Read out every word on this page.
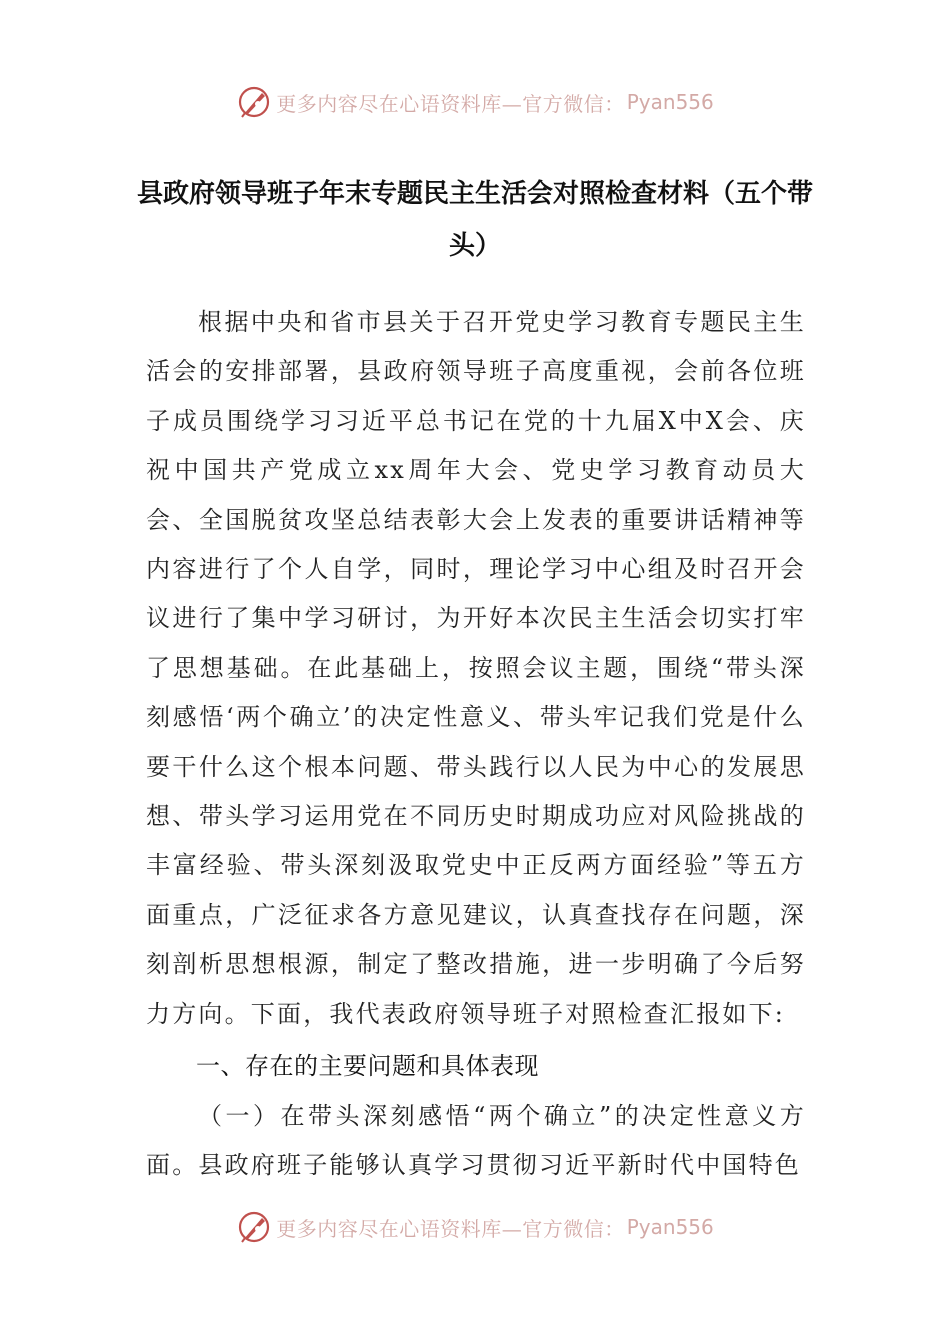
更多内容尽在心语资料库—官方微信： Pyan556
县政府领导班子年末专题民主生活会对照检查材料（五个带头）
根据中央和省市县关于召开党史学习教育专题民主生活会的安排部署，县政府领导班子高度重视，会前各位班子成员围绕学习习近平总书记在党的十九届X中X会、庆祝中国共产党成立xx周年大会、党史学习教育动员大会、全国脱贫攻坚总结表彰大会上发表的重要讲话精神等内容进行了个人自学，同时，理论学习中心组及时召开会议进行了集中学习研讨，为开好本次民主生活会切实打牢了思想基础。在此基础上，按照会议主题，围绕“带头深刻感悟‘两个确立’的决定性意义、带头牢记我们党是什么要干什么这个根本问题、带头践行以人民为中心的发展思想、带头学习运用党在不同历史时期成功应对风险挑战的丰富经验、带头深刻汲取党史中正反两方面经验”等五方面重点，广泛征求各方意见建议，认真查找存在问题，深刻剖析思想根源，制定了整改措施，进一步明确了今后努力方向。下面，我代表政府领导班子对照检查汇报如下:
一、存在的主要问题和具体表现
（一）在带头深刻感悟“两个确立”的决定性意义方面。县政府班子能够认真学习贯彻习近平新时代中国特色
更多内容尽在心语资料库—官方微信： Pyan556
